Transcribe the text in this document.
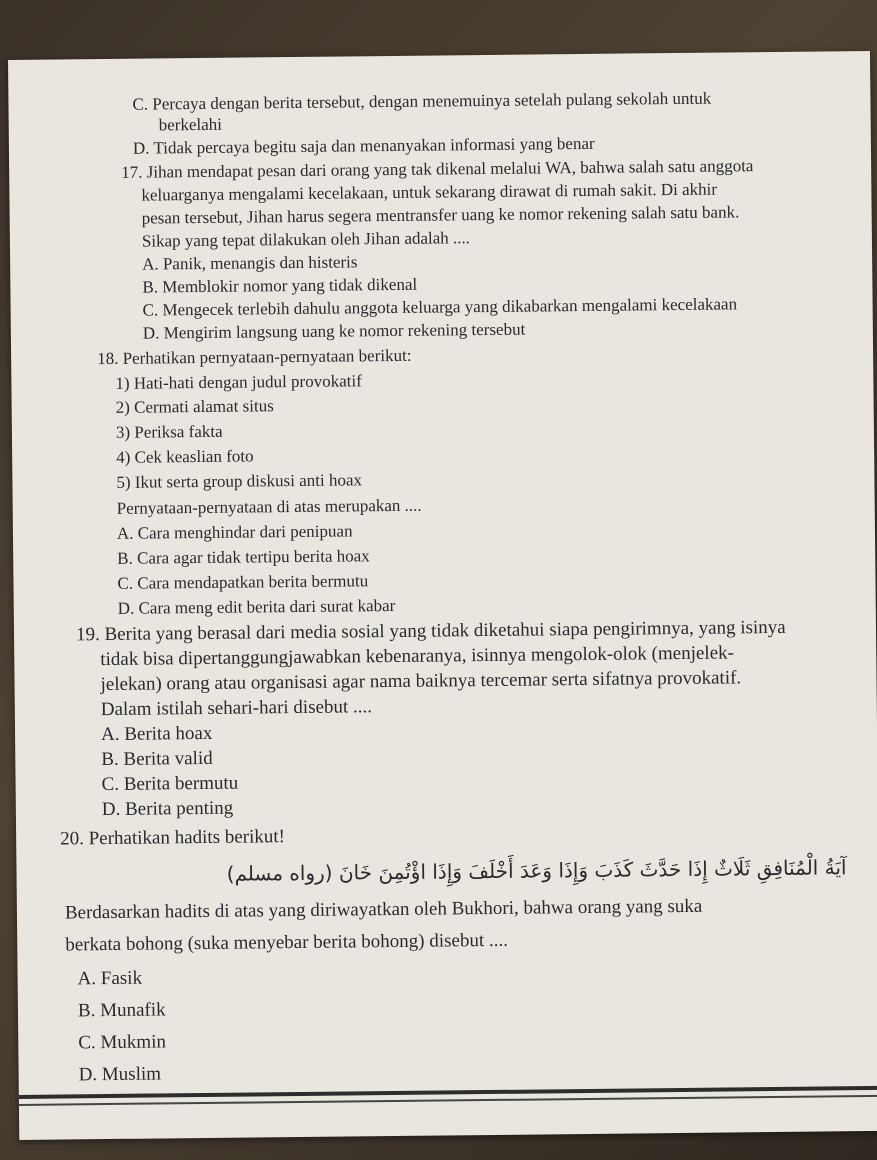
C. Percaya dengan berita tersebut, dengan menemuinya setelah pulang sekolah untuk
berkelahi
D. Tidak percaya begitu saja dan menanyakan informasi yang benar
17. Jihan mendapat pesan dari orang yang tak dikenal melalui WA, bahwa salah satu anggota
keluarganya mengalami kecelakaan, untuk sekarang dirawat di rumah sakit. Di akhir
pesan tersebut, Jihan harus segera mentransfer uang ke nomor rekening salah satu bank.
Sikap yang tepat dilakukan oleh Jihan adalah ....
A. Panik, menangis dan histeris
B. Memblokir nomor yang tidak dikenal
C. Mengecek terlebih dahulu anggota keluarga yang dikabarkan mengalami kecelakaan
D. Mengirim langsung uang ke nomor rekening tersebut
18. Perhatikan pernyataan-pernyataan berikut:
1) Hati-hati dengan judul provokatif
2) Cermati alamat situs
3) Periksa fakta
4) Cek keaslian foto
5) Ikut serta group diskusi anti hoax
Pernyataan-pernyataan di atas merupakan ....
A. Cara menghindar dari penipuan
B. Cara agar tidak tertipu berita hoax
C. Cara mendapatkan berita bermutu
D. Cara meng edit berita dari surat kabar
19. Berita yang berasal dari media sosial yang tidak diketahui siapa pengirimnya, yang isinya
tidak bisa dipertanggungjawabkan kebenaranya, isinnya mengolok-olok (menjelek-
jelekan) orang atau organisasi agar nama baiknya tercemar serta sifatnya provokatif.
Dalam istilah sehari-hari disebut ....
A. Berita hoax
B. Berita valid
C. Berita bermutu
D. Berita penting
20. Perhatikan hadits berikut!
آيَةُ الْمُنَافِقِ ثَلَاثٌ إِذَا حَدَّثَ كَذَبَ وَإِذَا وَعَدَ أَخْلَفَ وَإِذَا اؤْتُمِنَ خَانَ (رواه مسلم)
Berdasarkan hadits di atas yang diriwayatkan oleh Bukhori, bahwa orang yang suka
berkata bohong (suka menyebar berita bohong) disebut ....
A. Fasik
B. Munafik
C. Mukmin
D. Muslim
